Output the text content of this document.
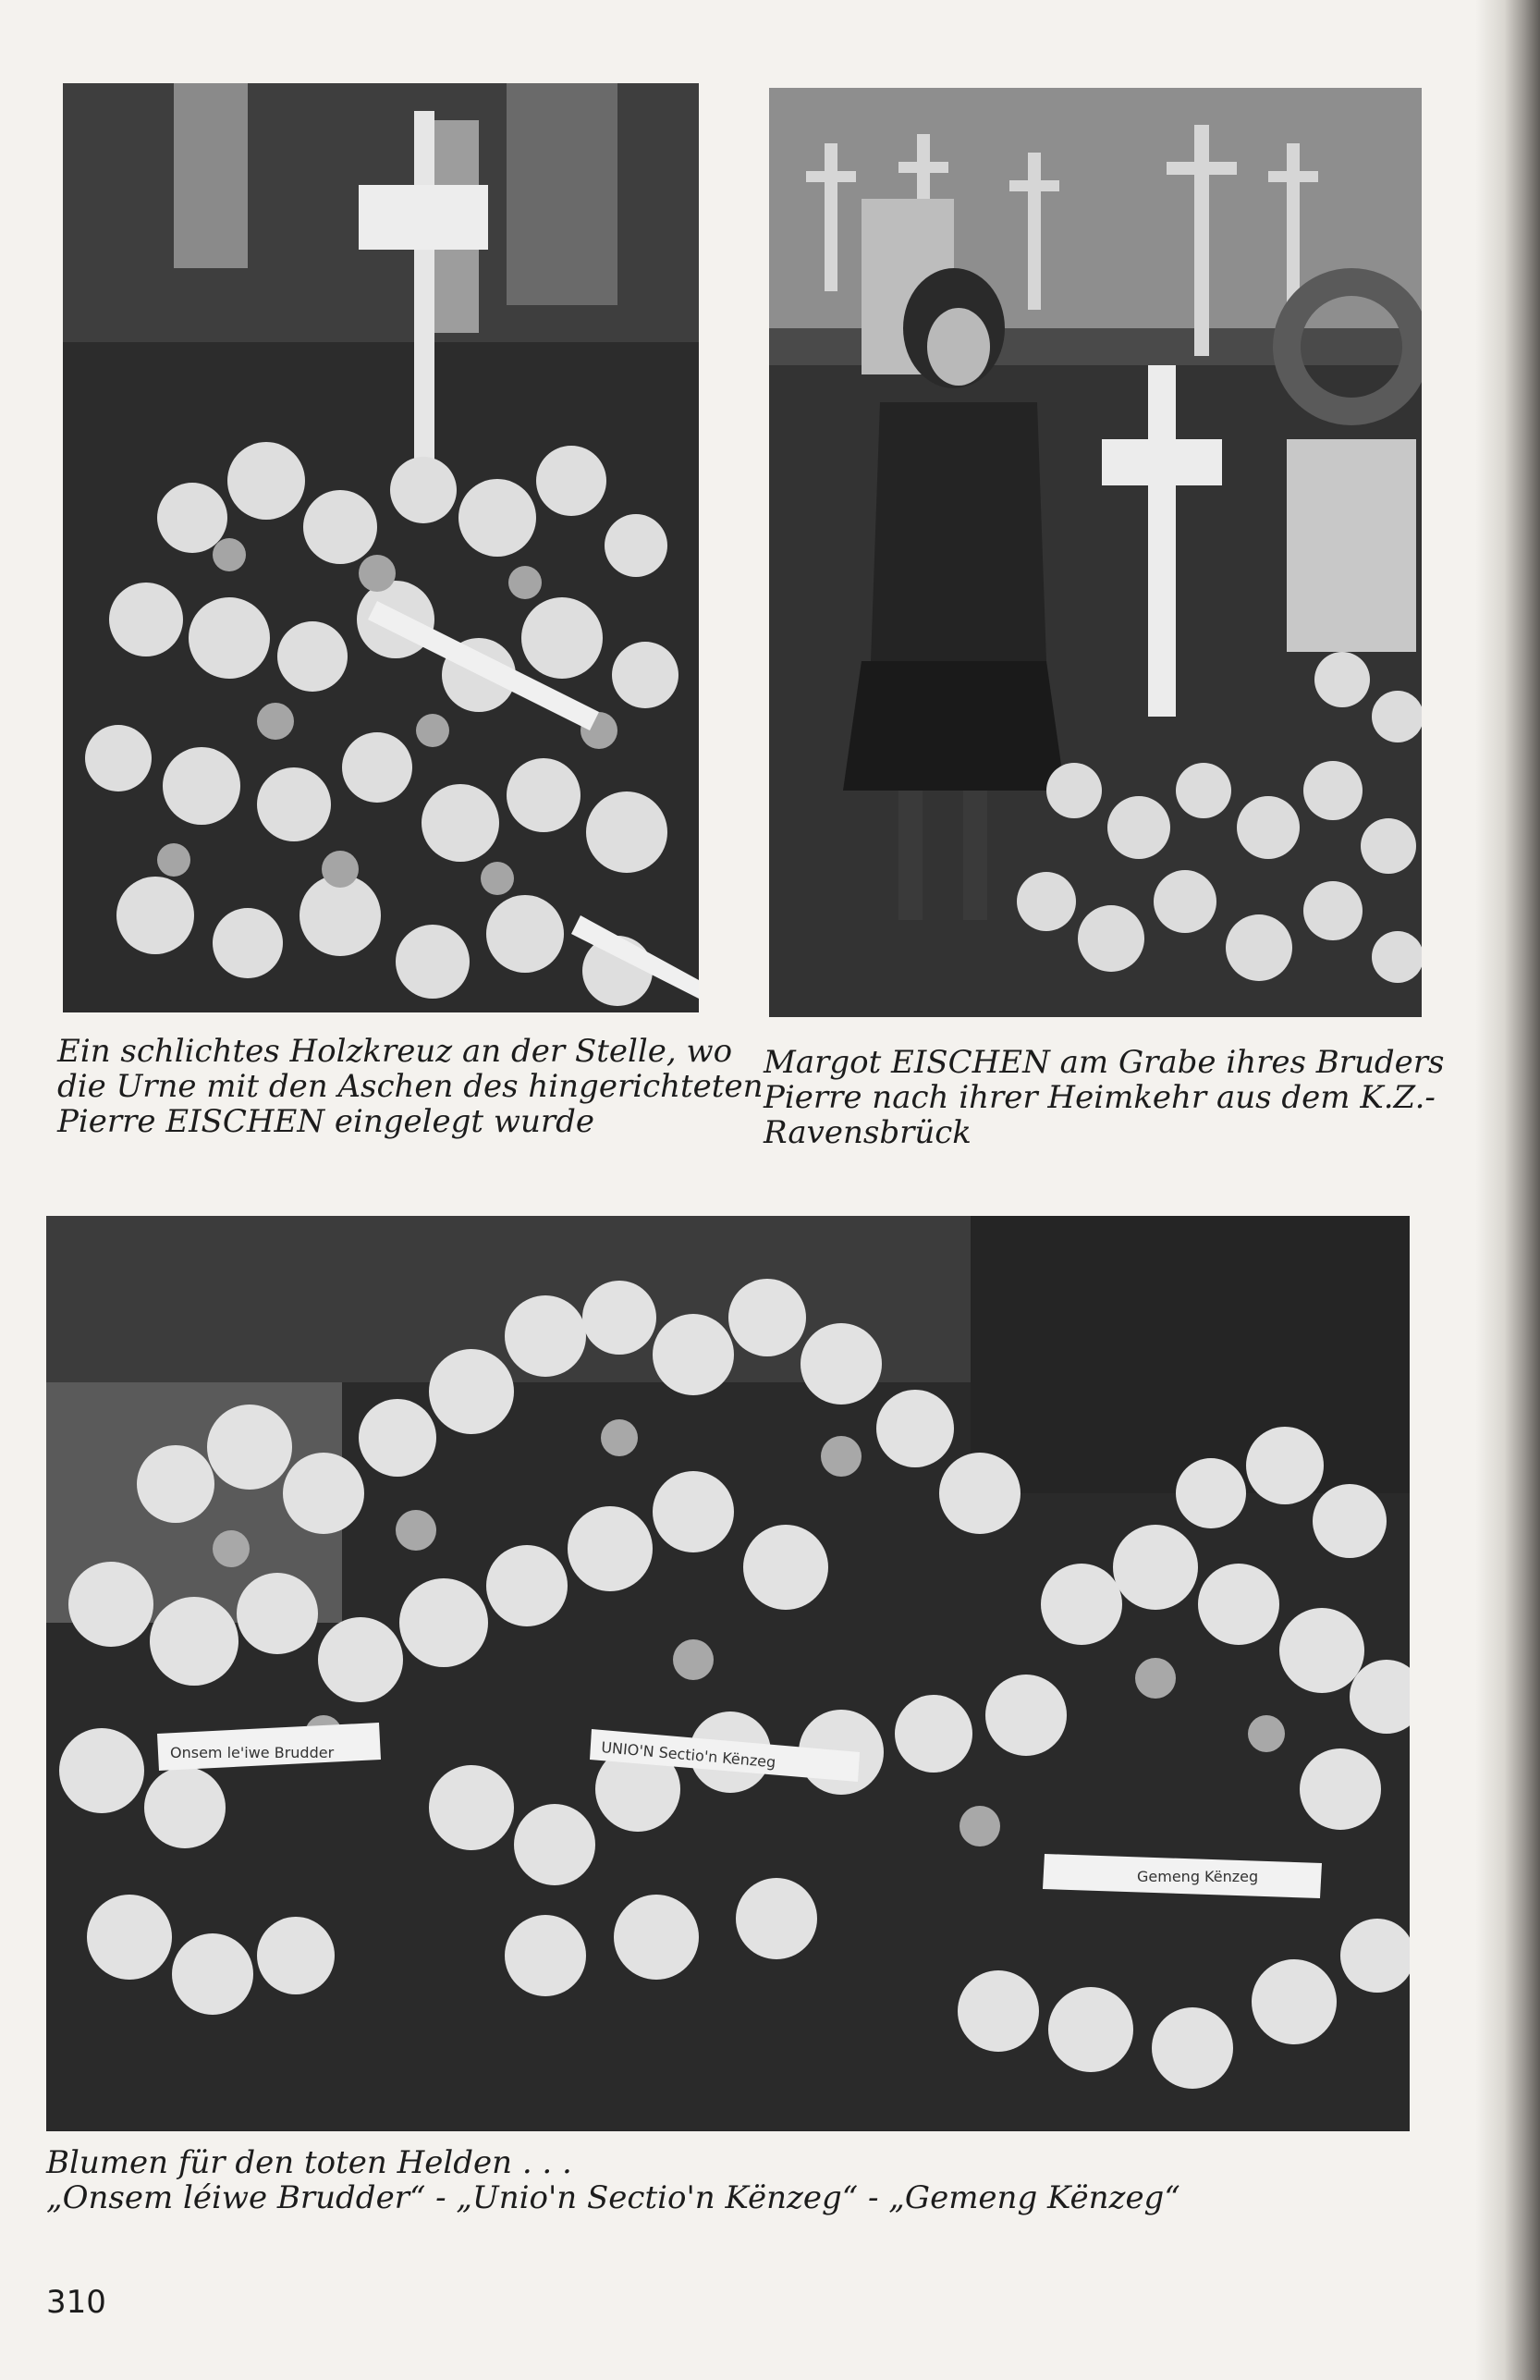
Ein schlichtes Holzkreuz an der Stelle, wo
die Urne mit den Aschen des hingerichteten
Pierre EISCHEN eingelegt wurde
Margot EISCHEN am Grabe ihres Bruders
Pierre nach ihrer Heimkehr aus dem K.Z.-
Ravensbrück
Onsem le'iwe Brudder	UNIO'N Sectio'n Kënzeg
Gemeng Kënzeg
Blumen für den toten Helden . . .
„Onsem léiwe Brudder“ - „Unio'n Sectio'n Kënzeg“ - „Gemeng Kënzeg“
310
